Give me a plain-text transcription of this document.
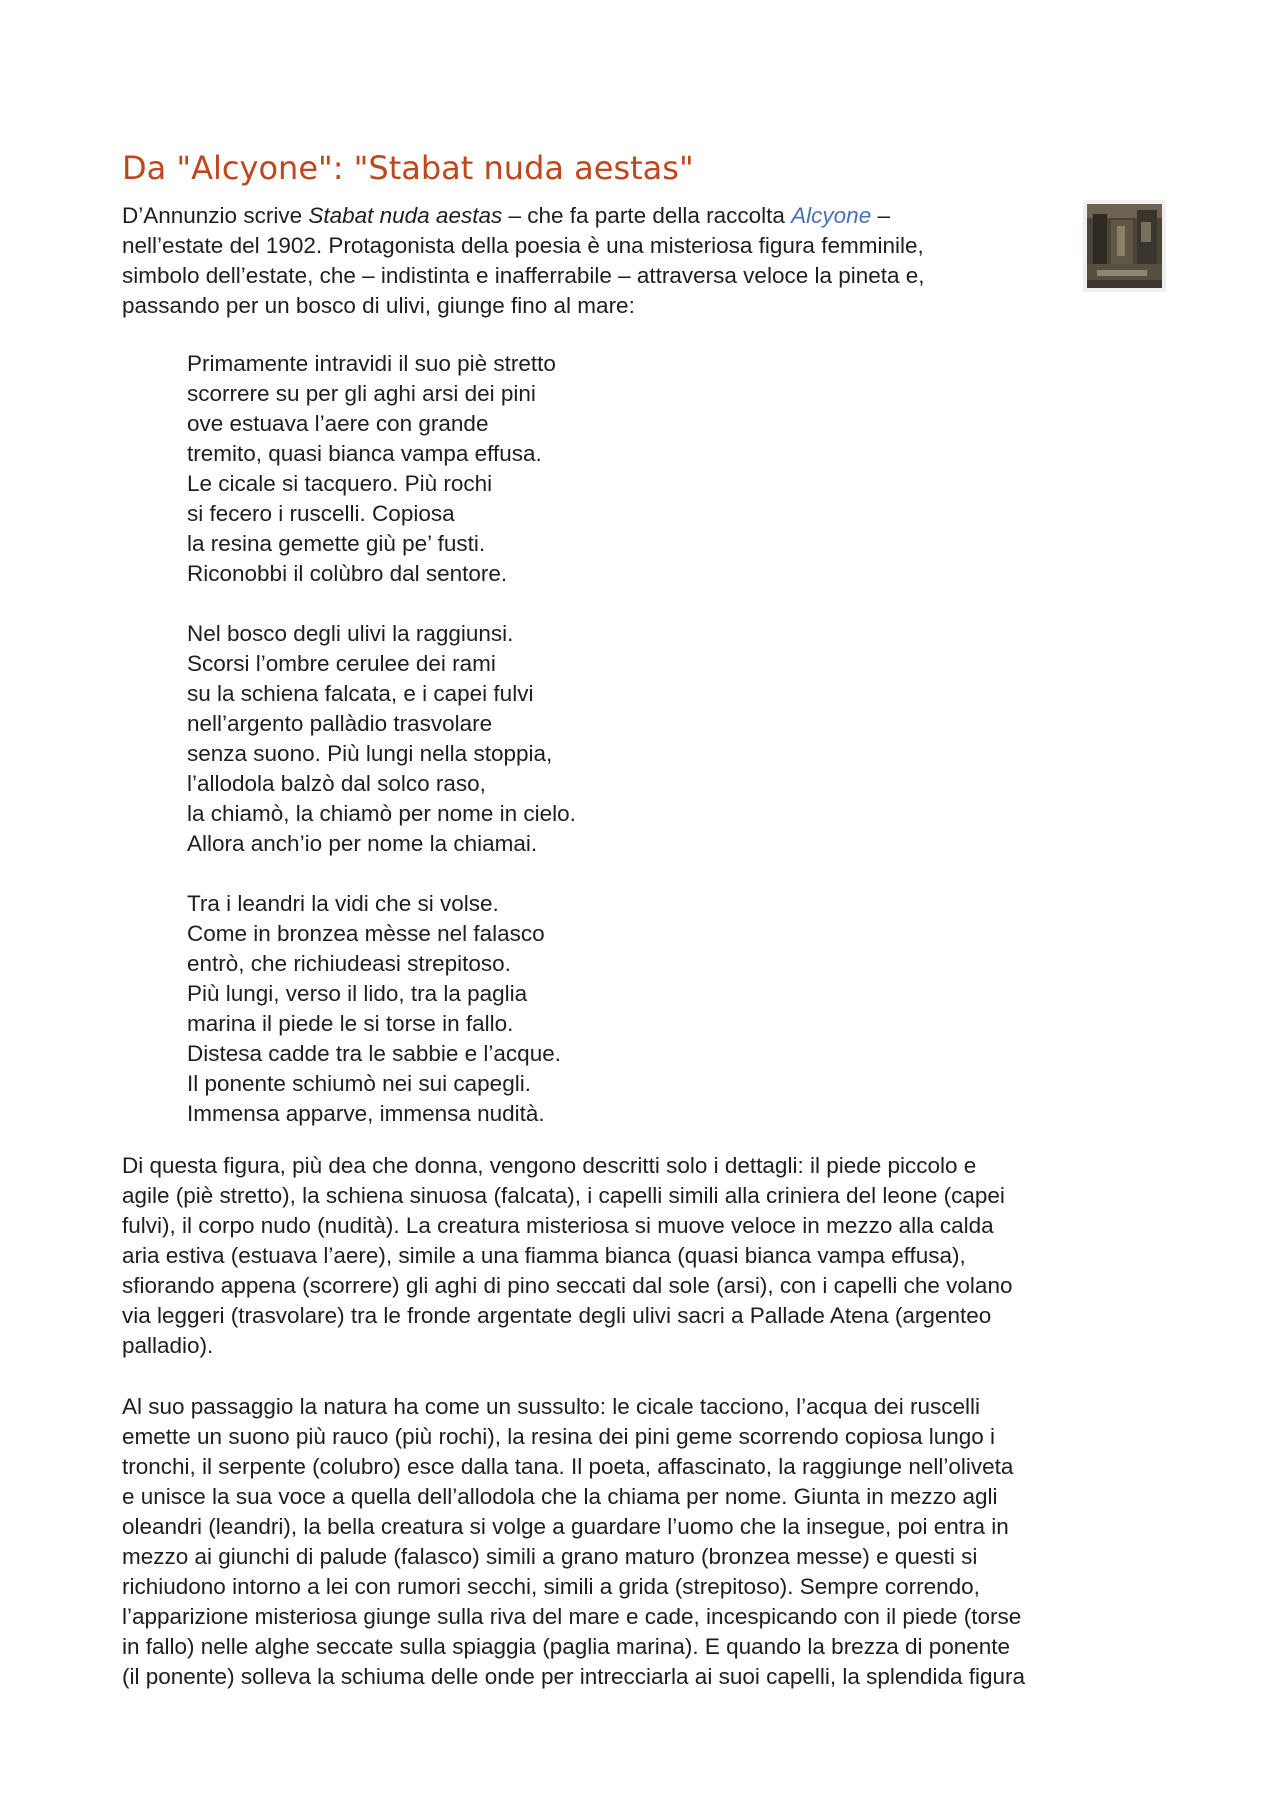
Da "Alcyone": "Stabat nuda aestas"
D’Annunzio scrive Stabat nuda aestas – che fa parte della raccolta Alcyone –
nell’estate del 1902. Protagonista della poesia è una misteriosa figura femminile,
simbolo dell’estate, che – indistinta e inafferrabile – attraversa veloce la pineta e,
passando per un bosco di ulivi, giunge fino al mare:
Primamente intravidi il suo piè stretto
scorrere su per gli aghi arsi dei pini
ove estuava l’aere con grande
tremito, quasi bianca vampa effusa.
Le cicale si tacquero. Più rochi
si fecero i ruscelli. Copiosa
la resina gemette giù pe’ fusti.
Riconobbi il colùbro dal sentore.
Nel bosco degli ulivi la raggiunsi.
Scorsi l’ombre cerulee dei rami
su la schiena falcata, e i capei fulvi
nell’argento pallàdio trasvolare
senza suono. Più lungi nella stoppia,
l’allodola balzò dal solco raso,
la chiamò, la chiamò per nome in cielo.
Allora anch’io per nome la chiamai.
Tra i leandri la vidi che si volse.
Come in bronzea mèsse nel falasco
entrò, che richiudeasi strepitoso.
Più lungi, verso il lido, tra la paglia
marina il piede le si torse in fallo.
Distesa cadde tra le sabbie e l’acque.
Il ponente schiumò nei sui capegli.
Immensa apparve, immensa nudità.
Di questa figura, più dea che donna, vengono descritti solo i dettagli: il piede piccolo e
agile (piè stretto), la schiena sinuosa (falcata), i capelli simili alla criniera del leone (capei
fulvi), il corpo nudo (nudità). La creatura misteriosa si muove veloce in mezzo alla calda
aria estiva (estuava l’aere), simile a una fiamma bianca (quasi bianca vampa effusa),
sfiorando appena (scorrere) gli aghi di pino seccati dal sole (arsi), con i capelli che volano
via leggeri (trasvolare) tra le fronde argentate degli ulivi sacri a Pallade Atena (argenteo
palladio).
Al suo passaggio la natura ha come un sussulto: le cicale tacciono, l’acqua dei ruscelli
emette un suono più rauco (più rochi), la resina dei pini geme scorrendo copiosa lungo i
tronchi, il serpente (colubro) esce dalla tana. Il poeta, affascinato, la raggiunge nell’oliveta
e unisce la sua voce a quella dell’allodola che la chiama per nome. Giunta in mezzo agli
oleandri (leandri), la bella creatura si volge a guardare l’uomo che la insegue, poi entra in
mezzo ai giunchi di palude (falasco) simili a grano maturo (bronzea messe) e questi si
richiudono intorno a lei con rumori secchi, simili a grida (strepitoso). Sempre correndo,
l’apparizione misteriosa giunge sulla riva del mare e cade, incespicando con il piede (torse
in fallo) nelle alghe seccate sulla spiaggia (paglia marina). E quando la brezza di ponente
(il ponente) solleva la schiuma delle onde per intrecciarla ai suoi capelli, la splendida figura
